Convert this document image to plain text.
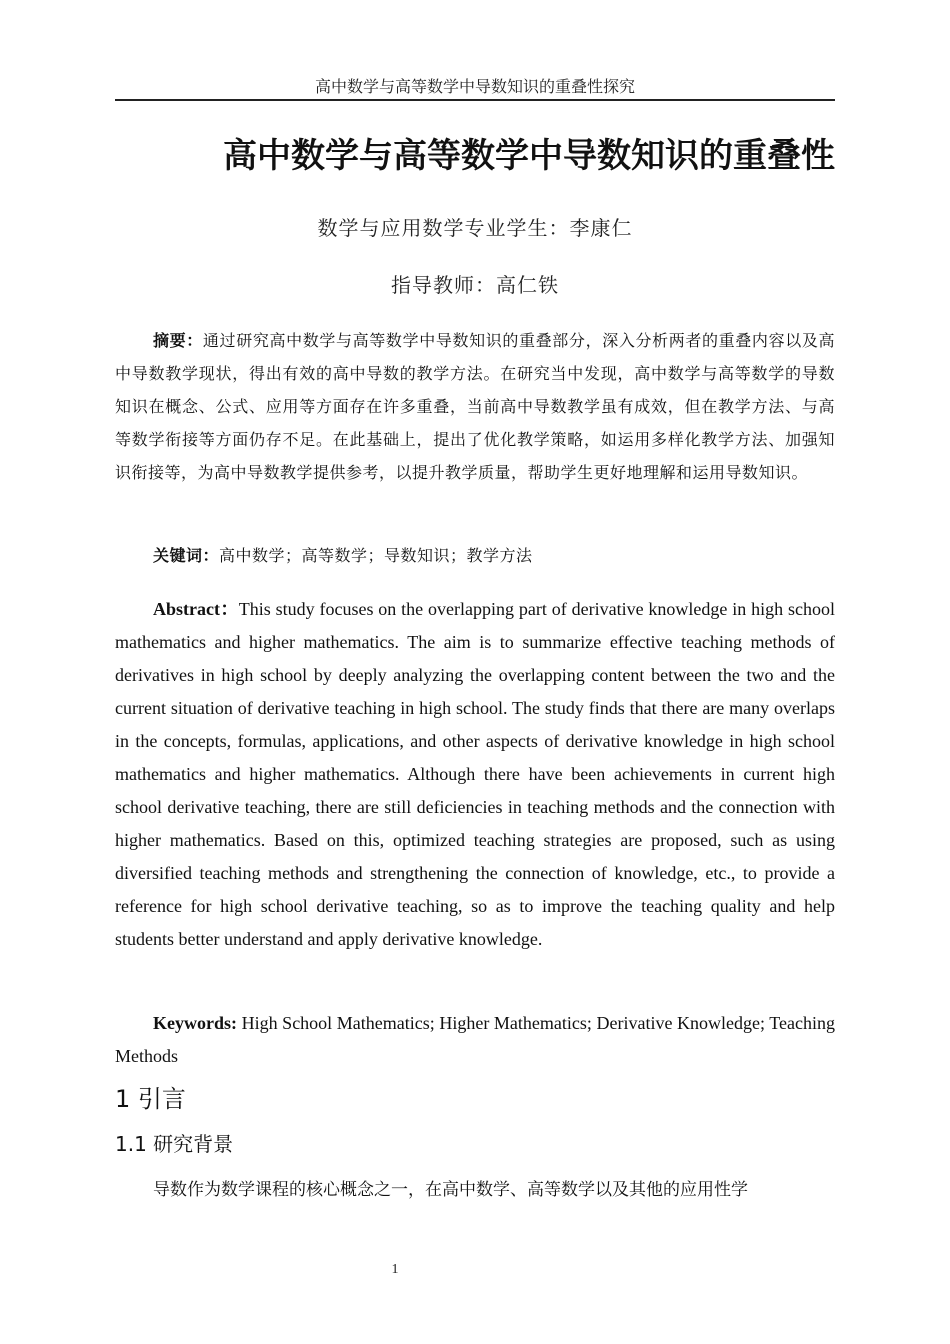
高中数学与高等数学中导数知识的重叠性探究
高中数学与高等数学中导数知识的重叠性
数学与应用数学专业学生：李康仁
指导教师：高仁铁
摘要：通过研究高中数学与高等数学中导数知识的重叠部分，深入分析两者的重叠内容以及高中导数教学现状，得出有效的高中导数的教学方法。在研究当中发现，高中数学与高等数学的导数知识在概念、公式、应用等方面存在许多重叠，当前高中导数教学虽有成效，但在教学方法、与高等数学衔接等方面仍存不足。在此基础上，提出了优化教学策略，如运用多样化教学方法、加强知识衔接等，为高中导数教学提供参考，以提升教学质量，帮助学生更好地理解和运用导数知识。
关键词：高中数学；高等数学；导数知识；教学方法
Abstract：This study focuses on the overlapping part of derivative knowledge in high school mathematics and higher mathematics. The aim is to summarize effective teaching methods of derivatives in high school by deeply analyzing the overlapping content between the two and the current situation of derivative teaching in high school. The study finds that there are many overlaps in the concepts, formulas, applications, and other aspects of derivative knowledge in high school mathematics and higher mathematics. Although there have been achievements in current high school derivative teaching, there are still deficiencies in teaching methods and the connection with higher mathematics. Based on this, optimized teaching strategies are proposed, such as using diversified teaching methods and strengthening the connection of knowledge, etc., to provide a reference for high school derivative teaching, so as to improve the teaching quality and help students better understand and apply derivative knowledge.
Keywords: High School Mathematics; Higher Mathematics; Derivative Knowledge; Teaching Methods
1 引言
1.1 研究背景
导数作为数学课程的核心概念之一，在高中数学、高等数学以及其他的应用性学
1
